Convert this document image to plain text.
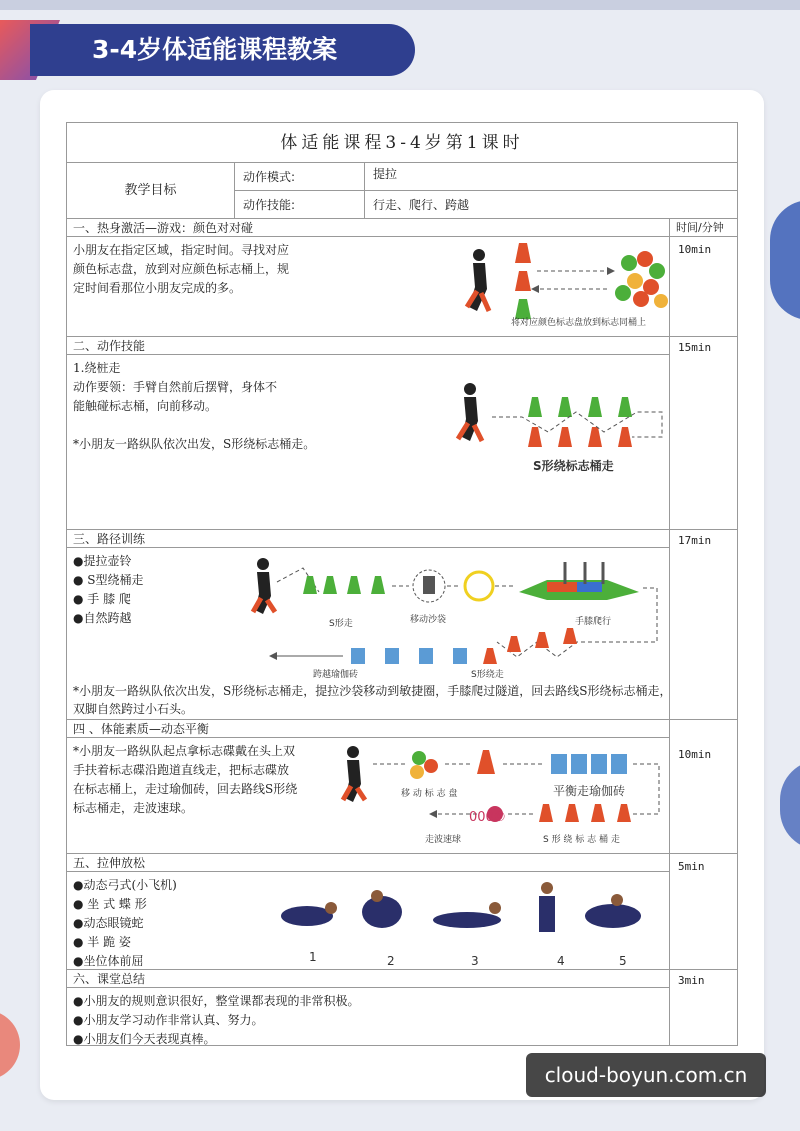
3-4岁体适能课程教案
体适能课程3-4岁第1课时
教学目标
动作模式:	提拉
动作技能:	行走、爬行、跨越
一、热身激活—游戏：颜色对对碰	时间/分钟
10min
小朋友在指定区域，指定时间。寻找对应
颜色标志盘，放到对应颜色标志桶上，规
定时间看那位小朋友完成的多。
将对应颜色标志盘放到标志同桶上
二、动作技能	15min
1.绕桩走
动作要领：手臂自然前后摆臂，身体不
能触碰标志桶，向前移动。
*小朋友一路纵队依次出发，S形绕标志桶走。
S形绕标志桶走
三、路径训练	17min
●提拉壶铃
● S型绕桶走
● 手 膝 爬
●自然跨越	S形走	移动沙袋	手膝爬行
跨越瑜伽砖	S形绕走
*小朋友一路纵队依次出发，S形绕标志桶走，提拉沙袋移动到敏捷圈，手膝爬过隧道，回去路线S形绕标志桶走，双脚自然跨过小石头。
四 、体能素质—动态平衡
10min
*小朋友一路纵队起点拿标志碟戴在头上双
手扶着标志碟沿跑道直线走，把标志碟放
在标志桶上，走过瑜伽砖，回去路线S形绕
标志桶走，走波速球。
000⑥
移 动 标 志 盘	平衡走瑜伽砖
走波速球	S 形 绕 标 志 桶 走
五、拉伸放松	5min
●动态弓式(小飞机)
● 坐 式 蝶 形
●动态眼镜蛇
● 半 跪 姿
●坐位体前屈	1	2	3	4	5
六、课堂总结	3min
●小朋友的规则意识很好，整堂课都表现的非常积极。
●小朋友学习动作非常认真、努力。
●小朋友们今天表现真棒。
cloud-boyun.com.cn
